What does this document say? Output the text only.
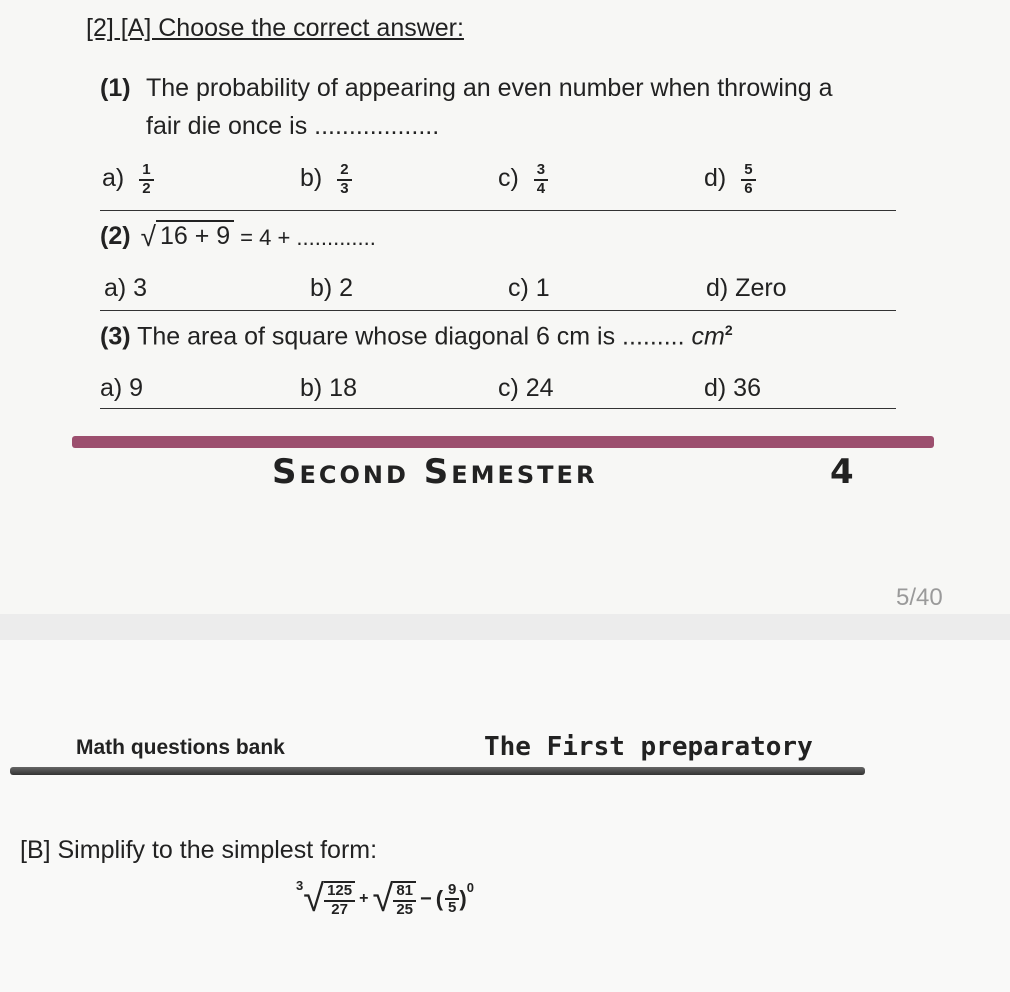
[2] [A] Choose the correct answer:
(1) The probability of appearing an even number when throwing a
fair die once is ..................
$a) \frac{1}{2}$	$b) \frac{2}{3}$	$c) \frac{3}{4}$	$d) \frac{5}{6}$
(2) √ 16 + 9 = 4 + .............
a) 3	b) 2	c) 1	d) Zero
(3) The area of square whose diagonal 6 cm is ......... $cm^2$
a) 9	b) 18	c) 24	d) 36
Second Semester	4
5/40
Math questions bank	The First preparatory
[B] Simplify to the simplest form:
3 √ $\frac{125}{27}$ + √ $\frac{81}{25}$ − ( $\frac{9}{5}$ ) 0
